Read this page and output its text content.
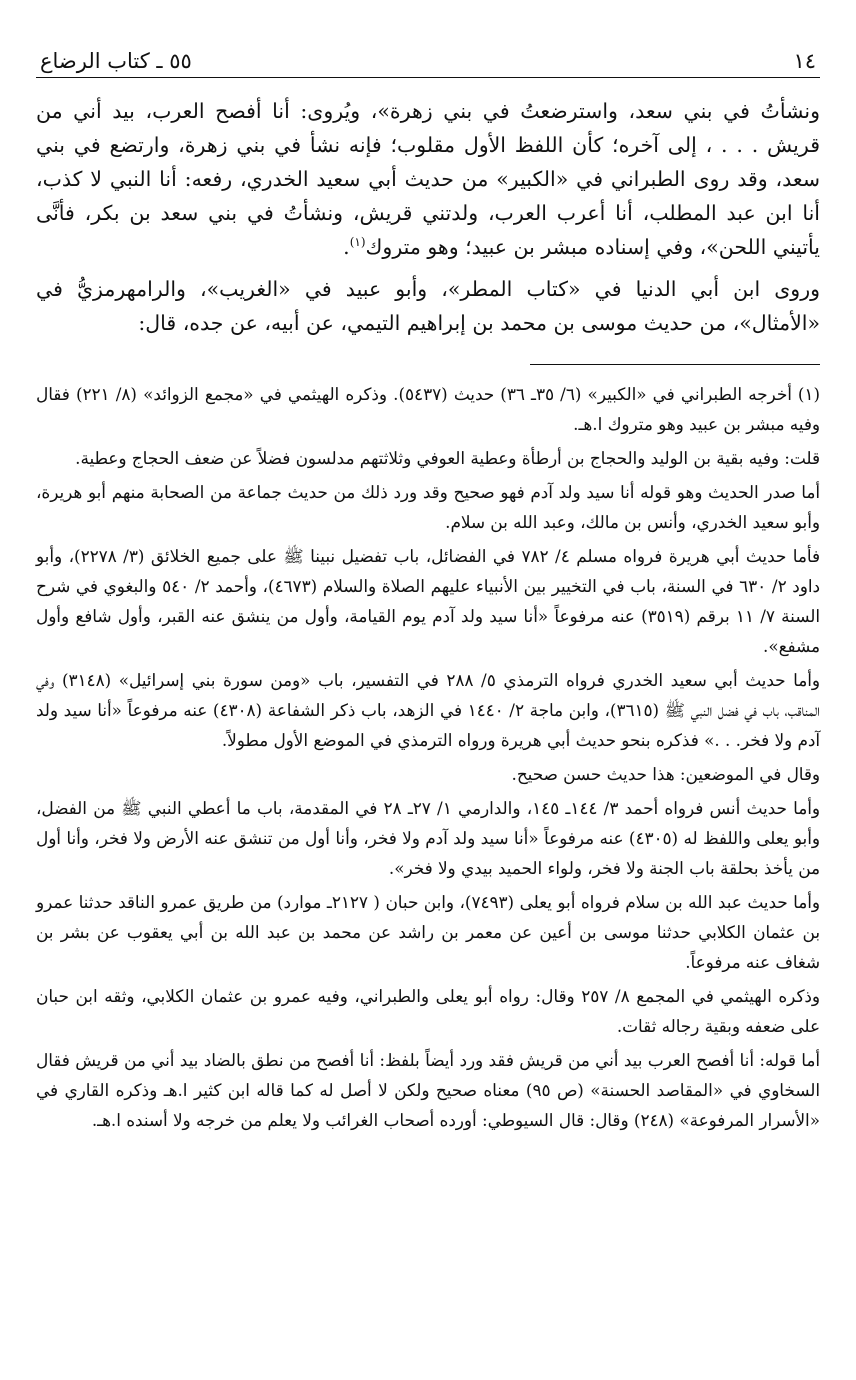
١٤
٥٥ ـ كتاب الرضاع

ونشأتُ في بني سعد، واسترضعتُ في بني زهرة»، ويُروى: أنا أفصح العرب، بيد أني من قريش . . . ، إلى آخره؛ كأن اللفظ الأول مقلوب؛ فإنه نشأ في بني زهرة، وارتضع في بني سعد، وقد روى الطبراني في «الكبير» من حديث أبي سعيد الخدري، رفعه: أنا النبي لا كذب، أنا ابن عبد المطلب، أنا أعرب العرب، ولدتني قريش، ونشأتُ في بني سعد بن بكر، فأنَّى يأتيني اللحن»، وفي إسناده مبشر بن عبيد؛ وهو متروك$^{(١)}$.

وروى ابن أبي الدنيا في «كتاب المطر»، وأبو عبيد في «الغريب»، والرامهرمزيُّ في «الأمثال»، من حديث موسى بن محمد بن إبراهيم التيمي، عن أبيه، عن جده، قال:

(١)أخرجه الطبراني في «الكبير» (٦/ ٣٥ـ ٣٦) حديث (٥٤٣٧). وذكره الهيثمي في «مجمع الزوائد» (٨/ ٢٢١) فقال وفيه مبشر بن عبيد وهو متروك ا.هـ.

قلت: وفيه بقية بن الوليد والحجاج بن أرطأة وعطية العوفي وثلاثتهم مدلسون فضلاً عن ضعف الحجاج وعطية.

أما صدر الحديث وهو قوله أنا سيد ولد آدم فهو صحيح وقد ورد ذلك من حديث جماعة من الصحابة منهم أبو هريرة، وأبو سعيد الخدري، وأنس بن مالك، وعبد الله بن سلام.

فأما حديث أبي هريرة فرواه مسلم ٤/ ٧٨٢ في الفضائل، باب تفضيل نبينا ﷺ على جميع الخلائق (٣/ ٢٢٧٨)، وأبو داود ٢/ ٦٣٠ في السنة، باب في التخيير بين الأنبياء عليهم الصلاة والسلام (٤٦٧٣)، وأحمد ٢/ ٥٤٠ والبغوي في شرح السنة ٧/ ١١ برقم (٣٥١٩) عنه مرفوعاً «أنا سيد ولد آدم يوم القيامة، وأول من ينشق عنه القبر، وأول شافع وأول مشفع».

وأما حديث أبي سعيد الخدري فرواه الترمذي ٥/ ٢٨٨ في التفسير، باب «ومن سورة بني إسرائيل» (٣١٤٨) وفي المناقب، باب في فضل النبي ﷺ (٣٦١٥)، وابن ماجة ٢/ ١٤٤٠ في الزهد، باب ذكر الشفاعة (٤٣٠٨) عنه مرفوعاً «أنا سيد ولد آدم ولا فخر. . .» فذكره بنحو حديث أبي هريرة ورواه الترمذي في الموضع الأول مطولاً.

وقال في الموضعين: هذا حديث حسن صحيح.

وأما حديث أنس فرواه أحمد ٣/ ١٤٤ـ ١٤٥، والدارمي ١/ ٢٧ـ ٢٨ في المقدمة، باب ما أعطي النبي ﷺ من الفضل، وأبو يعلى واللفظ له (٤٣٠٥) عنه مرفوعاً «أنا سيد ولد آدم ولا فخر، وأنا أول من تنشق عنه الأرض ولا فخر، وأنا أول من يأخذ بحلقة باب الجنة ولا فخر، ولواء الحميد بيدي ولا فخر».

وأما حديث عبد الله بن سلام فرواه أبو يعلى (٧٤٩٣)، وابن حبان ( ٢١٢٧ـ موارد) من طريق عمرو الناقد حدثنا عمرو بن عثمان الكلابي حدثنا موسى بن أعين عن معمر بن راشد عن محمد بن عبد الله بن أبي يعقوب عن بشر بن شغاف عنه مرفوعاً.

وذكره الهيثمي في المجمع ٨/ ٢٥٧ وقال: رواه أبو يعلى والطبراني، وفيه عمرو بن عثمان الكلابي، وثقه ابن حبان على ضعفه وبقية رجاله ثقات.

أما قوله: أنا أفصح العرب بيد أني من قريش فقد ورد أيضاً بلفظ: أنا أفصح من نطق بالضاد بيد أني من قريش فقال السخاوي في «المقاصد الحسنة» (ص ٩٥) معناه صحيح ولكن لا أصل له كما قاله ابن كثير ا.هـ وذكره القاري في «الأسرار المرفوعة» (٢٤٨) وقال: قال السيوطي: أورده أصحاب الغرائب ولا يعلم من خرجه ولا أسنده ا.هـ.
